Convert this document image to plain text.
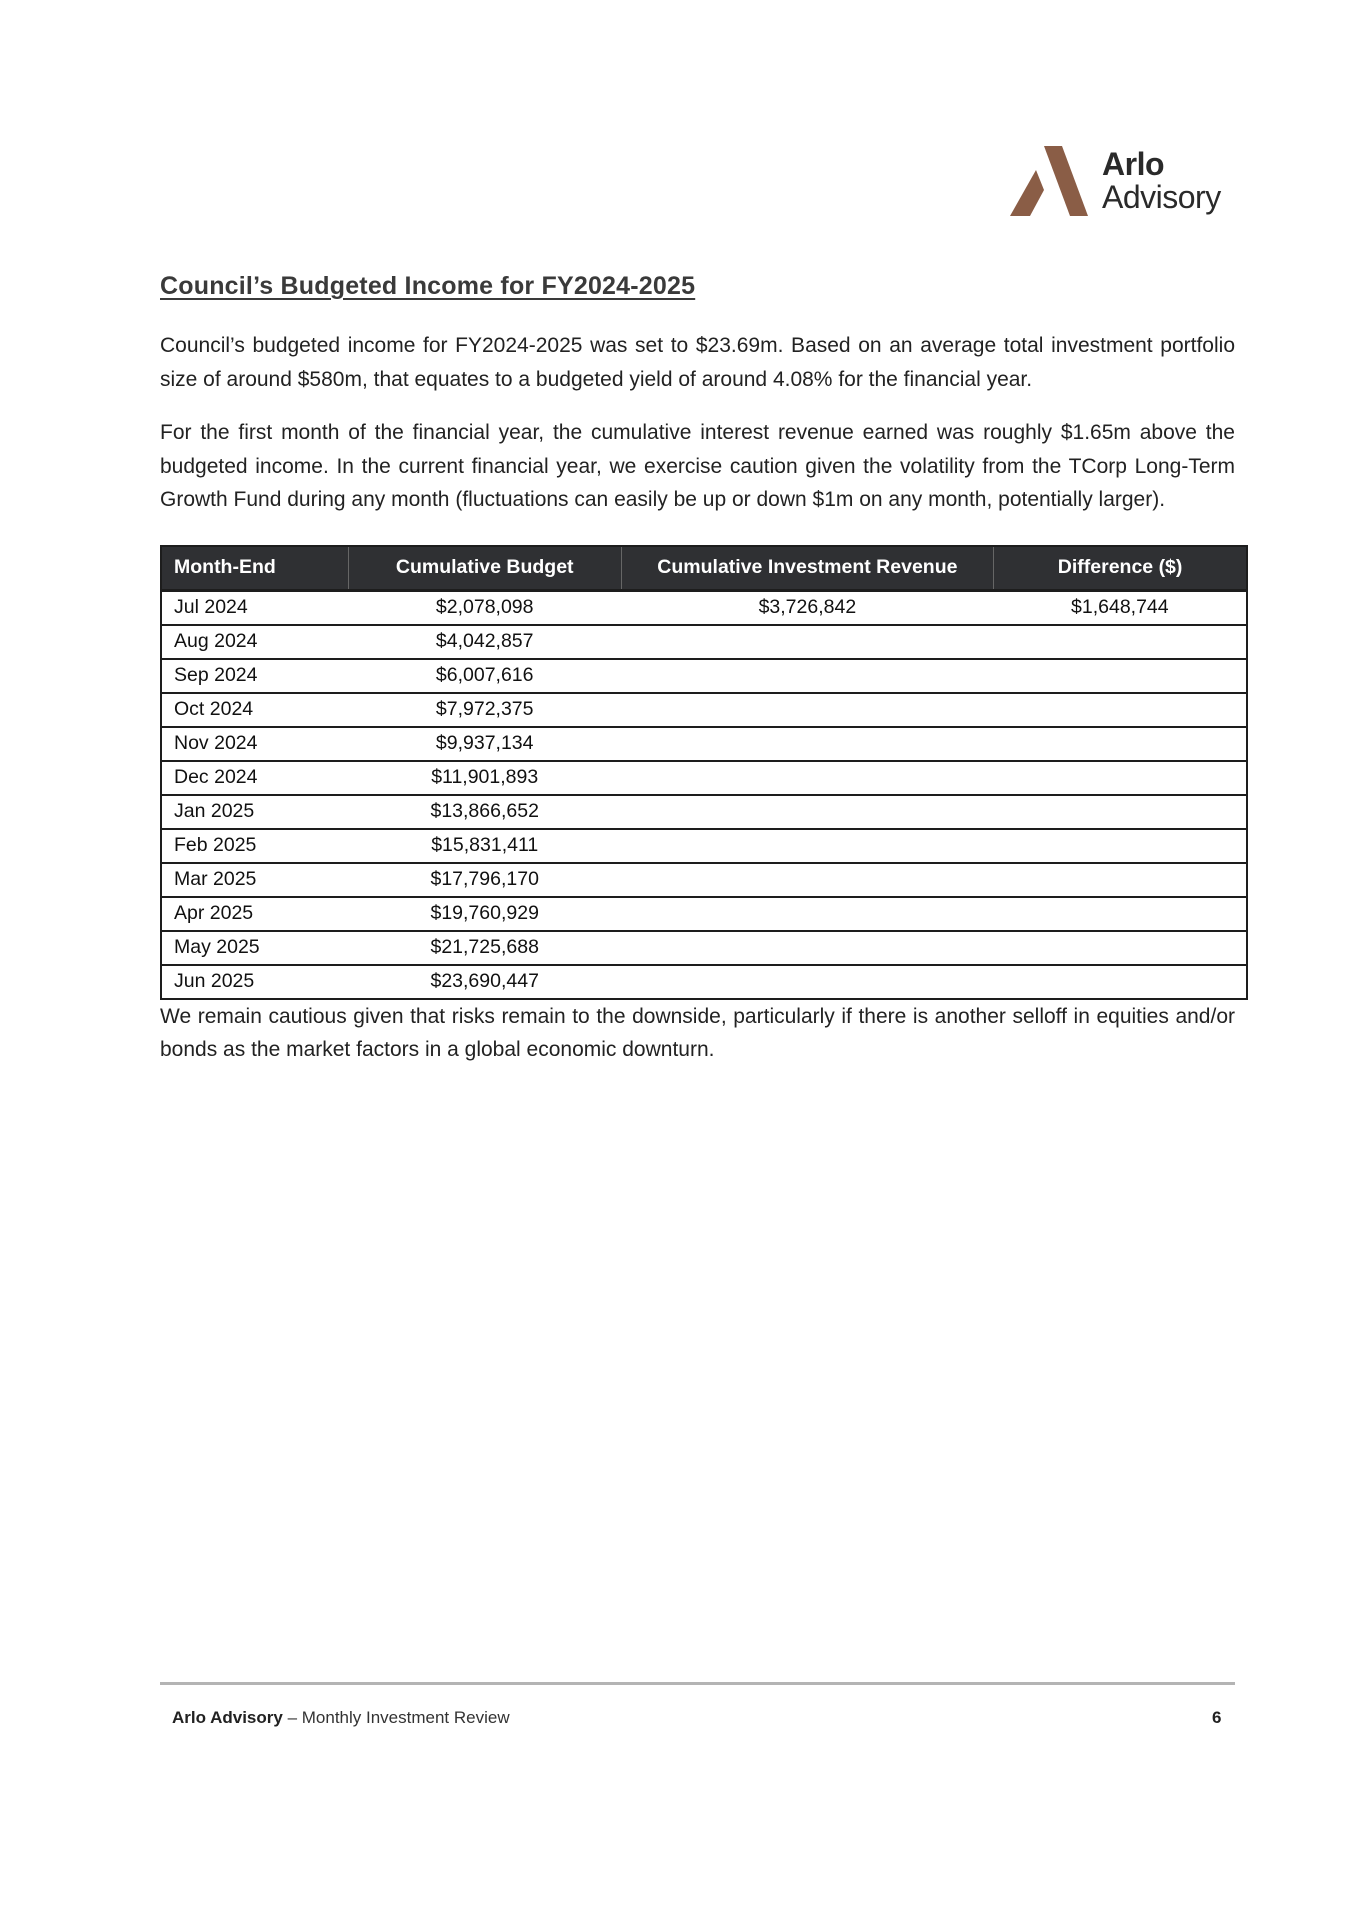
Arlo
Advisory
Council’s Budgeted Income for FY2024-2025

Council’s budgeted income for FY2024-2025 was set to $23.69m. Based on an average total investment portfolio size of around $580m, that equates to a budgeted yield of around 4.08% for the financial year.

For the first month of the financial year, the cumulative interest revenue earned was roughly $1.65m above the budgeted income. In the current financial year, we exercise caution given the volatility from the TCorp Long-Term Growth Fund during any month (fluctuations can easily be up or down $1m on any month, potentially larger).

Month-End	Cumulative Budget	Cumulative Investment Revenue	Difference ($)
Jul 2024	$2,078,098	$3,726,842	$1,648,744
Aug 2024	$4,042,857		
Sep 2024	$6,007,616		
Oct 2024	$7,972,375		
Nov 2024	$9,937,134		
Dec 2024	$11,901,893		
Jan 2025	$13,866,652		
Feb 2025	$15,831,411		
Mar 2025	$17,796,170		
Apr 2025	$19,760,929		
May 2025	$21,725,688		
Jun 2025	$23,690,447		

We remain cautious given that risks remain to the downside, particularly if there is another selloff in equities and/or bonds as the market factors in a global economic downturn.

Arlo Advisory – Monthly Investment Review	6
